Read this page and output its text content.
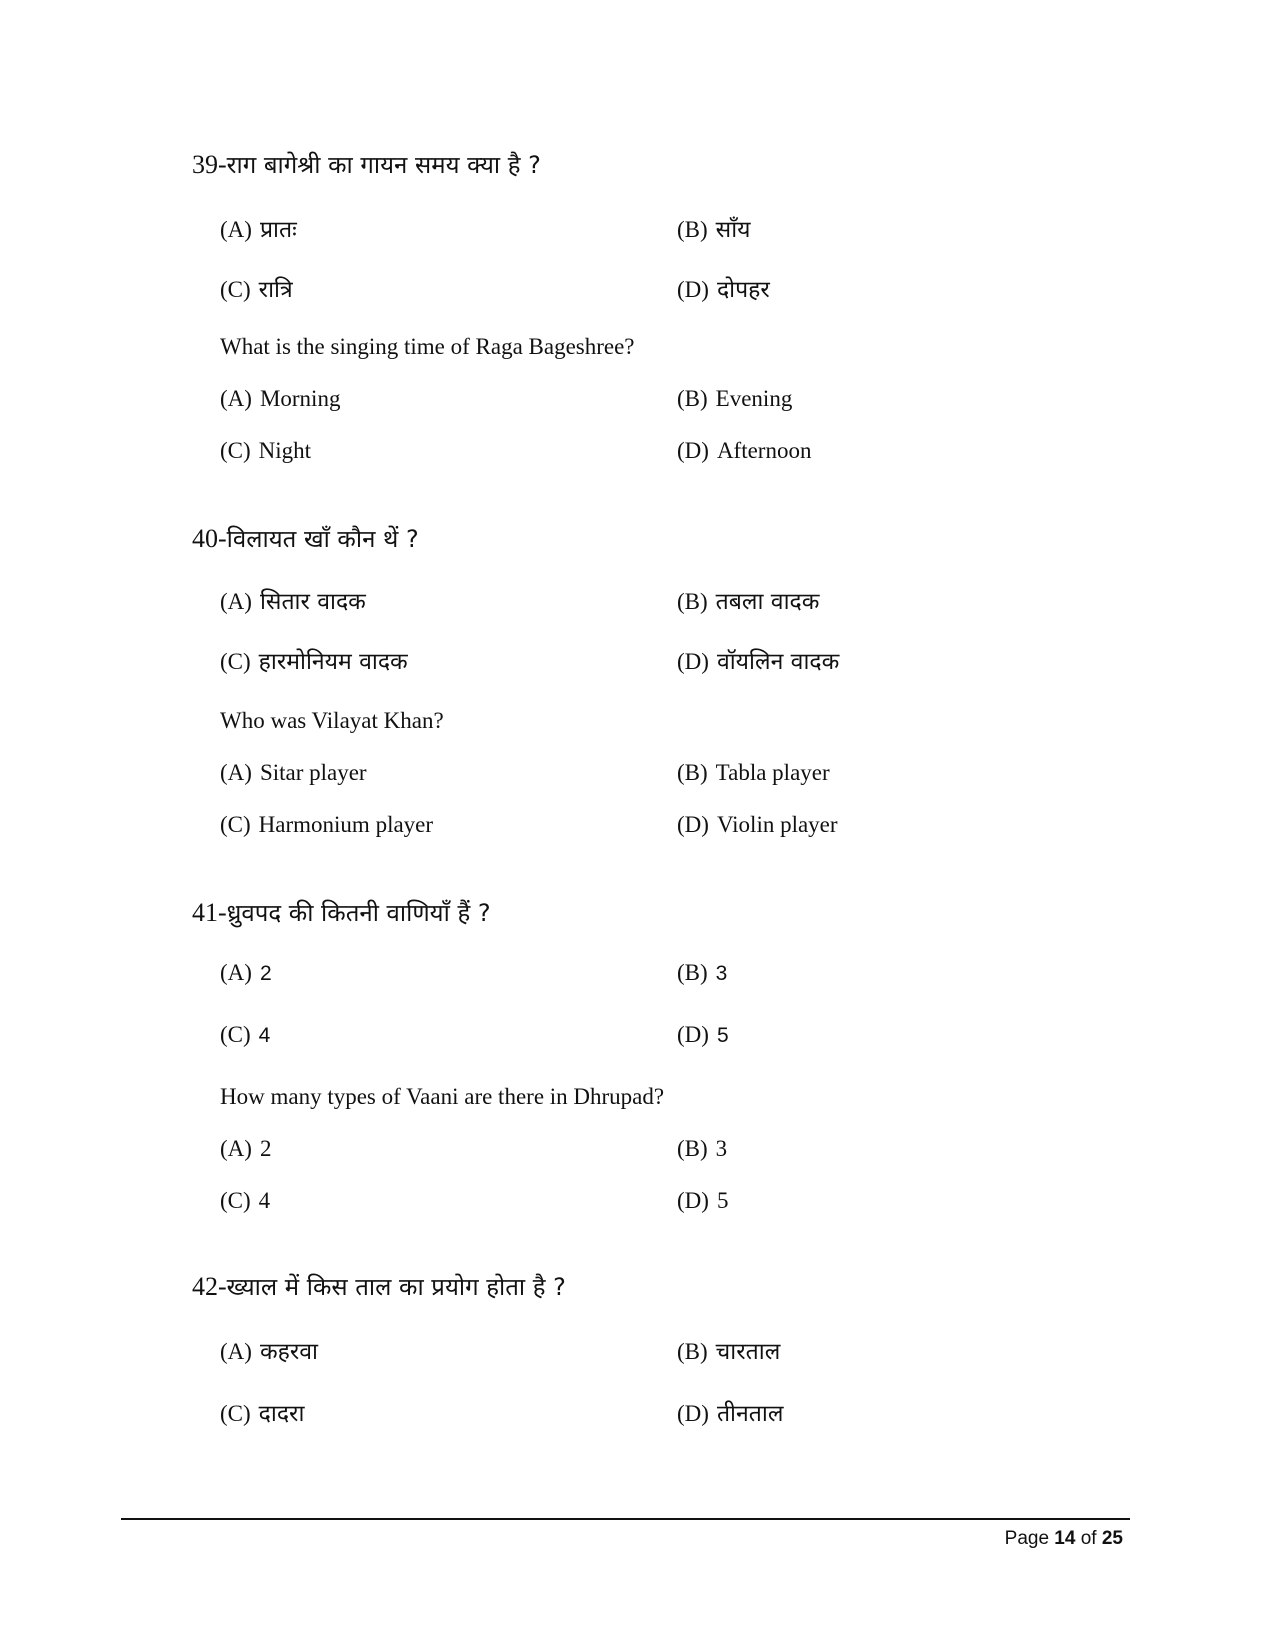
39-राग बागेश्री का गायन समय क्या है ?
(A) प्रातः	(B) साँय
(C) रात्रि	(D) दोपहर
What is the singing time of Raga Bageshree?
(A) Morning	(B) Evening
(C) Night	(D) Afternoon
40-विलायत खाँ कौन थें ?
(A) सितार वादक	(B) तबला वादक
(C) हारमोनियम वादक	(D) वॉयलिन वादक
Who was Vilayat Khan?
(A) Sitar player	(B) Tabla player
(C) Harmonium player	(D) Violin player
41-ध्रुवपद की कितनी वाणियाँ हैं ?
(A) 2	(B) 3
(C) 4	(D) 5
How many types of Vaani are there in Dhrupad?
(A) 2	(B) 3
(C) 4	(D) 5
42-ख्याल में किस ताल का प्रयोग होता है ?
(A) कहरवा	(B) चारताल
(C) दादरा	(D) तीनताल
Page 14 of 25
